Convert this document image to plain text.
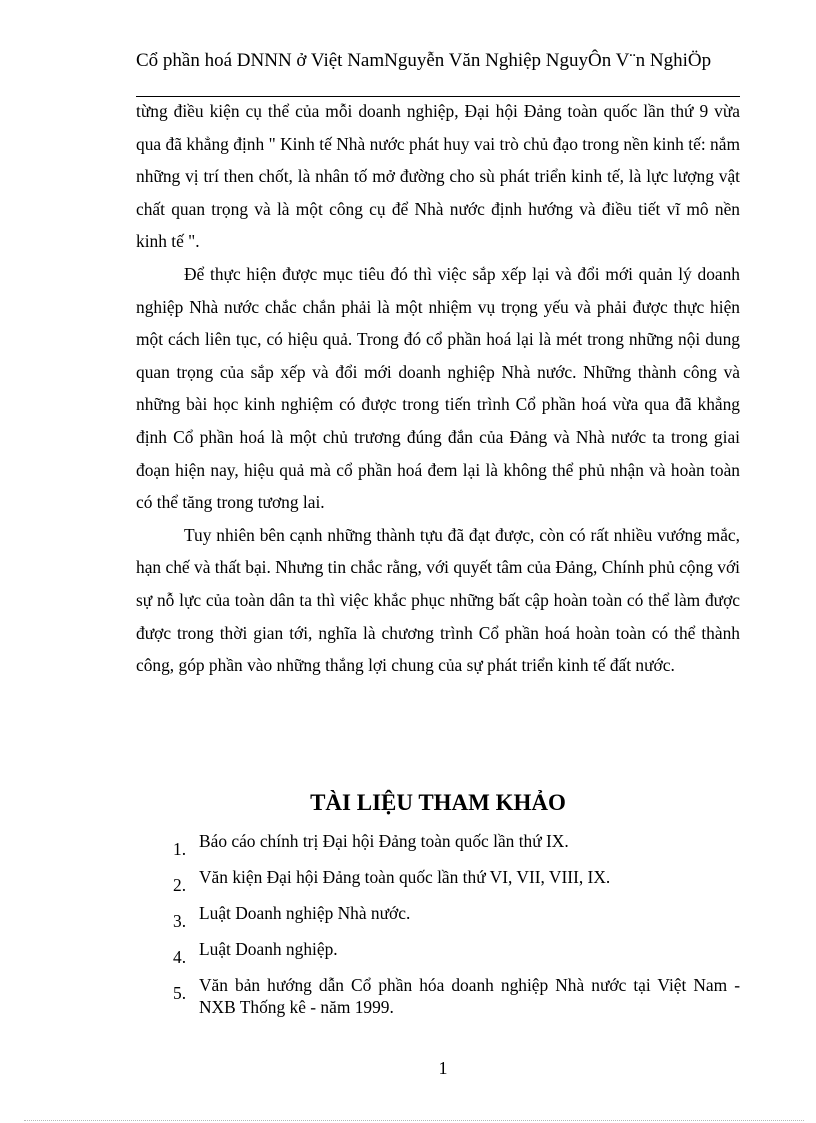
Cổ phần hoá DNNN ở Việt NamNguyễn Văn Nghiệp NguyÔn V¨n NghiÖp

từng điều kiện cụ thể của mỗi doanh nghiệp, Đại hội Đảng toàn quốc lần thứ 9 vừa qua đã khẳng định " Kinh tế Nhà nước phát huy vai trò chủ đạo trong nền kinh tế: nắm những vị trí then chốt, là nhân tố mở đường cho sù phát triển kinh tế, là lực lượng vật chất quan trọng và là một công cụ để Nhà nước định hướng và điều tiết vĩ mô nền kinh tế ".

Để thực hiện được mục tiêu đó thì việc sắp xếp lại và đổi mới quản lý doanh nghiệp Nhà nước chắc chắn phải là một nhiệm vụ trọng yếu và phải được thực hiện một cách liên tục, có hiệu quả. Trong đó cổ phần hoá lại là mét trong những nội dung quan trọng của sắp xếp và đổi mới doanh nghiệp Nhà nước. Những thành công và những bài học kinh nghiệm có được trong tiến trình Cổ phần hoá vừa qua đã khẳng định Cổ phần hoá là một chủ trương đúng đắn của Đảng và Nhà nước ta trong giai đoạn hiện nay, hiệu quả mà cổ phần hoá đem lại là không thể phủ nhận và hoàn toàn có thể tăng trong tương lai.

Tuy nhiên bên cạnh những thành tựu đã đạt được, còn có rất nhiều vướng mắc, hạn chế và thất bại. Nhưng tin chắc rằng, với quyết tâm của Đảng, Chính phủ cộng với sự nỗ lực của toàn dân ta thì việc khắc phục những bất cập hoàn toàn có thể làm được được trong thời gian tới, nghĩa là chương trình Cổ phần hoá hoàn toàn có thể thành công, góp phần vào những thắng lợi chung của sự phát triển kinh tế đất nước.

TÀI LIỆU THAM KHẢO
1. Báo cáo chính trị Đại hội Đảng toàn quốc lần thứ IX.
2. Văn kiện Đại hội Đảng toàn quốc lần thứ VI, VII, VIII, IX.
3. Luật Doanh nghiệp Nhà nước.
4. Luật Doanh nghiệp.
5. Văn bản hướng dẫn Cổ phần hóa doanh nghiệp Nhà nước tại Việt Nam - NXB Thống kê - năm 1999.
1
